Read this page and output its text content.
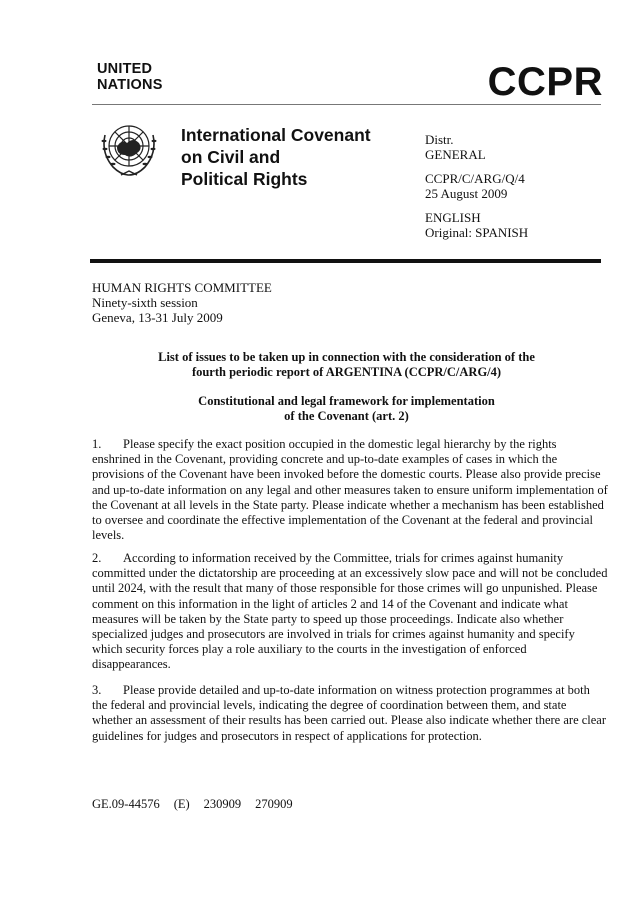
UNITED
NATIONS	CCPR
International Covenant
on Civil and
Political Rights

Distr.
GENERAL

CCPR/C/ARG/Q/4
25 August 2009

ENGLISH
Original: SPANISH

HUMAN RIGHTS COMMITTEE
Ninety-sixth session
Geneva, 13-31 July 2009
List of issues to be taken up in connection with the consideration of the
fourth periodic report of ARGENTINA (CCPR/C/ARG/4)
Constitutional and legal framework for implementation
of the Covenant (art. 2)
1. Please specify the exact position occupied in the domestic legal hierarchy by the rights enshrined in the Covenant, providing concrete and up-to-date examples of cases in which the provisions of the Covenant have been invoked before the domestic courts. Please also provide precise and up-to-date information on any legal and other measures taken to ensure uniform implementation of the Covenant at all levels in the State party. Please indicate whether a mechanism has been established to oversee and coordinate the effective implementation of the Covenant at the federal and provincial levels.
2. According to information received by the Committee, trials for crimes against humanity committed under the dictatorship are proceeding at an excessively slow pace and will not be concluded until 2024, with the result that many of those responsible for those crimes will go unpunished. Please comment on this information in the light of articles 2 and 14 of the Covenant and indicate what measures will be taken by the State party to speed up those proceedings. Indicate also whether specialized judges and prosecutors are involved in trials for crimes against humanity and specify which security forces play a role auxiliary to the courts in the investigation of enforced disappearances.
3. Please provide detailed and up-to-date information on witness protection programmes at both the federal and provincial levels, indicating the degree of coordination between them, and state whether an assessment of their results has been carried out. Please also indicate whether there are clear guidelines for judges and prosecutors in respect of applications for protection.
GE.09-44576 (E) 230909 270909
